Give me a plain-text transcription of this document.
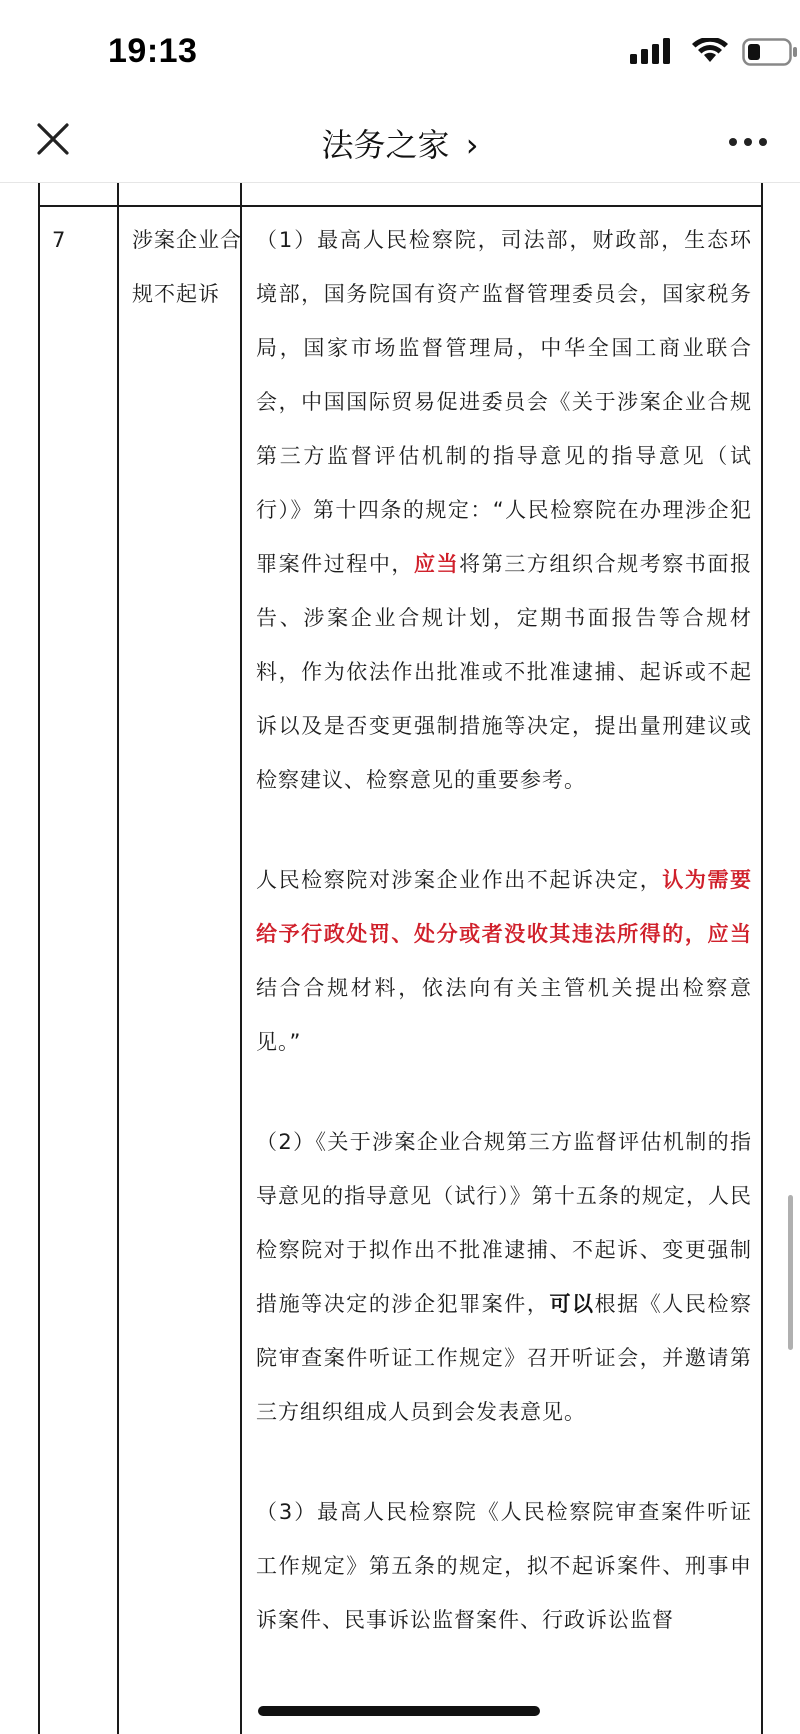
19:13
法务之家 ›
7	涉案企业合规不起诉

（1）最高人民检察院，司法部，财政部，生态环境部，国务院国有资产监督管理委员会，国家税务局，国家市场监督管理局，中华全国工商业联合会，中国国际贸易促进委员会《关于涉案企业合规第三方监督评估机制的指导意见的指导意见（试行）》第十四条的规定：“人民检察院在办理涉企犯罪案件过程中，应当将第三方组织合规考察书面报告、涉案企业合规计划，定期书面报告等合规材料，作为依法作出批准或不批准逮捕、起诉或不起诉以及是否变更强制措施等决定，提出量刑建议或检察建议、检察意见的重要参考。

人民检察院对涉案企业作出不起诉决定，认为需要给予行政处罚、处分或者没收其违法所得的，应当结合合规材料，依法向有关主管机关提出检察意见。”

（2）《关于涉案企业合规第三方监督评估机制的指导意见的指导意见（试行）》第十五条的规定，人民检察院对于拟作出不批准逮捕、不起诉、变更强制措施等决定的涉企犯罪案件，可以根据《人民检察院审查案件听证工作规定》召开听证会，并邀请第三方组织组成人员到会发表意见。

（3）最高人民检察院《人民检察院审查案件听证工作规定》第五条的规定，拟不起诉案件、刑事申诉案件、民事诉讼监督案件、行政诉讼监督
